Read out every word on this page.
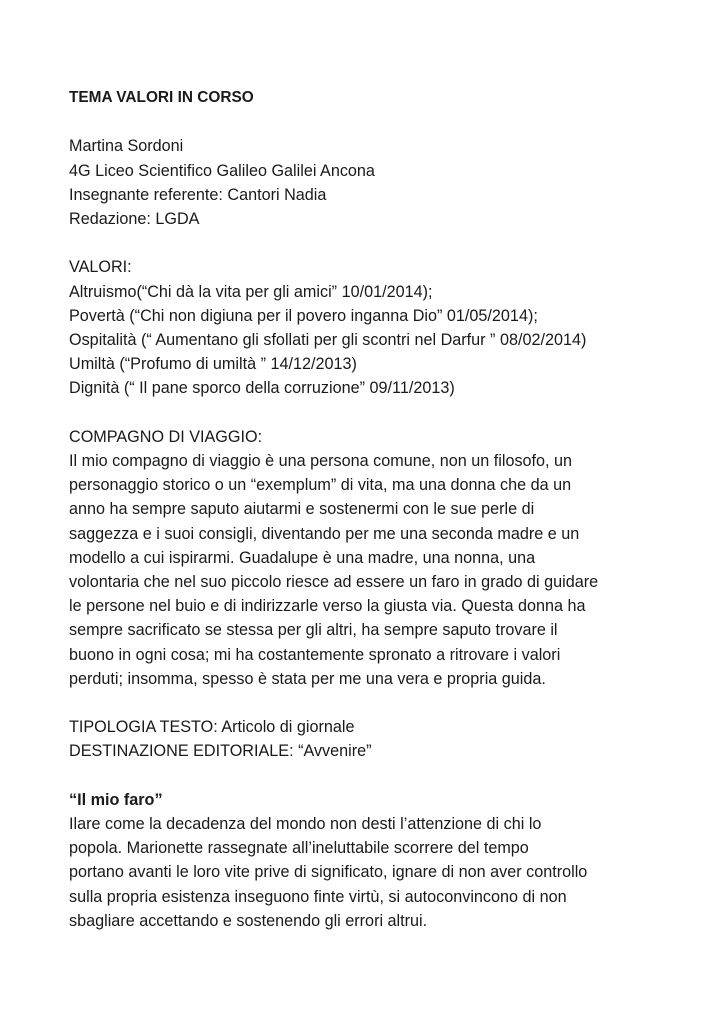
TEMA VALORI IN CORSO
Martina Sordoni
4G Liceo Scientifico Galileo Galilei Ancona
Insegnante referente: Cantori Nadia
Redazione: LGDA
VALORI:
Altruismo(“Chi dà la vita per gli amici” 10/01/2014);
Povertà (“Chi non digiuna per il povero inganna Dio” 01/05/2014);
Ospitalità (“ Aumentano gli sfollati per gli scontri nel Darfur ” 08/02/2014)
Umiltà (“Profumo di umiltà ” 14/12/2013)
Dignità (“ Il pane sporco della corruzione” 09/11/2013)
COMPAGNO DI VIAGGIO:
Il mio compagno di viaggio è una persona comune, non un filosofo, un
personaggio storico o un “exemplum” di vita, ma una donna che da un
anno ha sempre saputo aiutarmi e sostenermi con le sue perle di
saggezza e i suoi consigli, diventando per me una seconda madre e un
modello a cui ispirarmi. Guadalupe è una madre, una nonna, una
volontaria che nel suo piccolo riesce ad essere un faro in grado di guidare
le persone nel buio e di indirizzarle verso la giusta via. Questa donna ha
sempre sacrificato se stessa per gli altri, ha sempre saputo trovare il
buono in ogni cosa; mi ha costantemente spronato a ritrovare i valori
perduti; insomma, spesso è stata per me una vera e propria guida.
TIPOLOGIA TESTO: Articolo di giornale
DESTINAZIONE EDITORIALE: “Avvenire”
“Il mio faro”
Ilare come la decadenza del mondo non desti l’attenzione di chi lo
popola. Marionette rassegnate all’ineluttabile scorrere del tempo
portano avanti le loro vite prive di significato, ignare di non aver controllo
sulla propria esistenza inseguono finte virtù, si autoconvincono di non
sbagliare accettando e sostenendo gli errori altrui.
